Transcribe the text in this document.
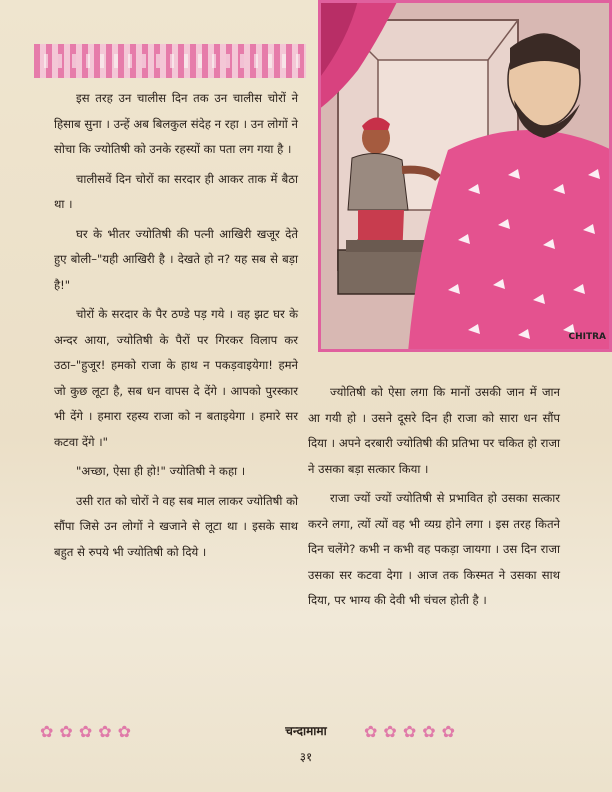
CHITRA

इस तरह उन चालीस दिन तक उन चालीस चोरों ने हिसाब सुना । उन्हें अब बिलकुल संदेह न रहा । उन लोगों ने सोचा कि ज्योतिषी को उनके रहस्यों का पता लग गया है ।

चालीसवें दिन चोरों का सरदार ही आकर ताक में बैठा था ।

घर के भीतर ज्योतिषी की पत्नी आखिरी खजूर देते हुए बोली–"यही आखिरी है । देखते हो न? यह सब से बड़ा है!"

चोरों के सरदार के पैर ठण्डे पड़ गये । वह झट घर के अन्दर आया, ज्योतिषी के पैरों पर गिरकर विलाप कर उठा–"हुजूर! हमको राजा के हाथ न पकड़वाइयेगा! हमने जो कुछ लूटा है, सब धन वापस दे देंगे । आपको पुरस्कार भी देंगे । हमारा रहस्य राजा को न बताइयेगा । हमारे सर कटवा देंगे ।"

"अच्छा, ऐसा ही हो!" ज्योतिषी ने कहा ।

उसी रात को चोरों ने वह सब माल लाकर ज्योतिषी को सौंपा जिसे उन लोगों ने खजाने से लूटा था । इसके साथ बहुत से रुपये भी ज्योतिषी को दिये ।

ज्योतिषी को ऐसा लगा कि मानों उसकी जान में जान आ गयी हो । उसने दूसरे दिन ही राजा को सारा धन सौंप दिया । अपने दरबारी ज्योतिषी की प्रतिभा पर चकित हो राजा ने उसका बड़ा सत्कार किया ।

राजा ज्यों ज्यों ज्योतिषी से प्रभावित हो उसका सत्कार करने लगा, त्यों त्यों वह भी व्यग्र होने लगा । इस तरह कितने दिन चलेंगे? कभी न कभी वह पकड़ा जायगा । उस दिन राजा उसका सर कटवा देगा । आज तक किस्मत ने उसका साथ दिया, पर भाग्य की देवी भी चंचल होती है ।

✿✿✿✿✿	चन्दामामा	✿✿✿✿✿
३१
